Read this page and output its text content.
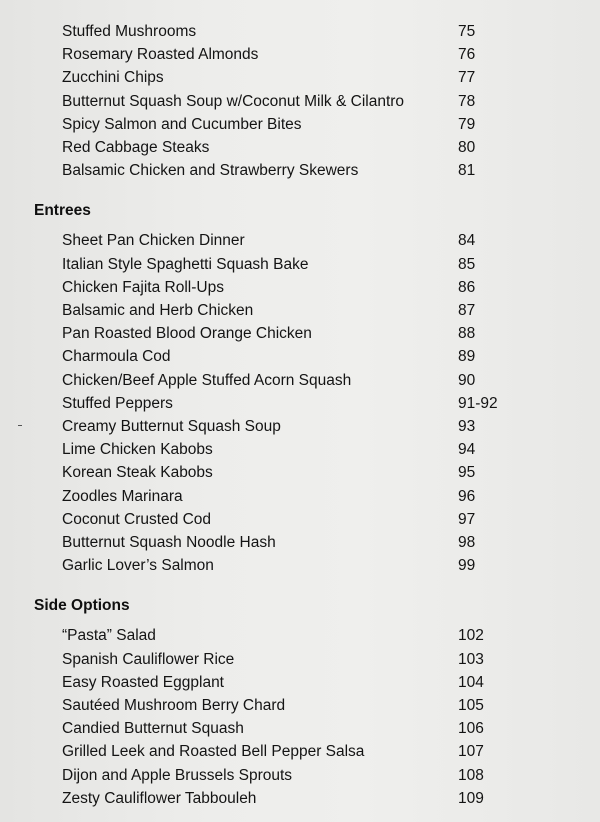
Stuffed Mushrooms	75
Rosemary Roasted Almonds	76
Zucchini Chips	77
Butternut Squash Soup w/Coconut Milk & Cilantro	78
Spicy Salmon and Cucumber Bites	79
Red Cabbage Steaks	80
Balsamic Chicken and Strawberry Skewers	81
Entrees
Sheet Pan Chicken Dinner	84
Italian Style Spaghetti Squash Bake	85
Chicken Fajita Roll-Ups	86
Balsamic and Herb Chicken	87
Pan Roasted Blood Orange Chicken	88
Charmoula Cod	89
Chicken/Beef Apple Stuffed Acorn Squash	90
Stuffed Peppers	91-92
Creamy Butternut Squash Soup	93
Lime Chicken Kabobs	94
Korean Steak Kabobs	95
Zoodles Marinara	96
Coconut Crusted Cod	97
Butternut Squash Noodle Hash	98
Garlic Lover’s Salmon	99
Side Options
“Pasta” Salad	102
Spanish Cauliflower Rice	103
Easy Roasted Eggplant	104
Sautéed Mushroom Berry Chard	105
Candied Butternut Squash	106
Grilled Leek and Roasted Bell Pepper Salsa	107
Dijon and Apple Brussels Sprouts	108
Zesty Cauliflower Tabbouleh	109
